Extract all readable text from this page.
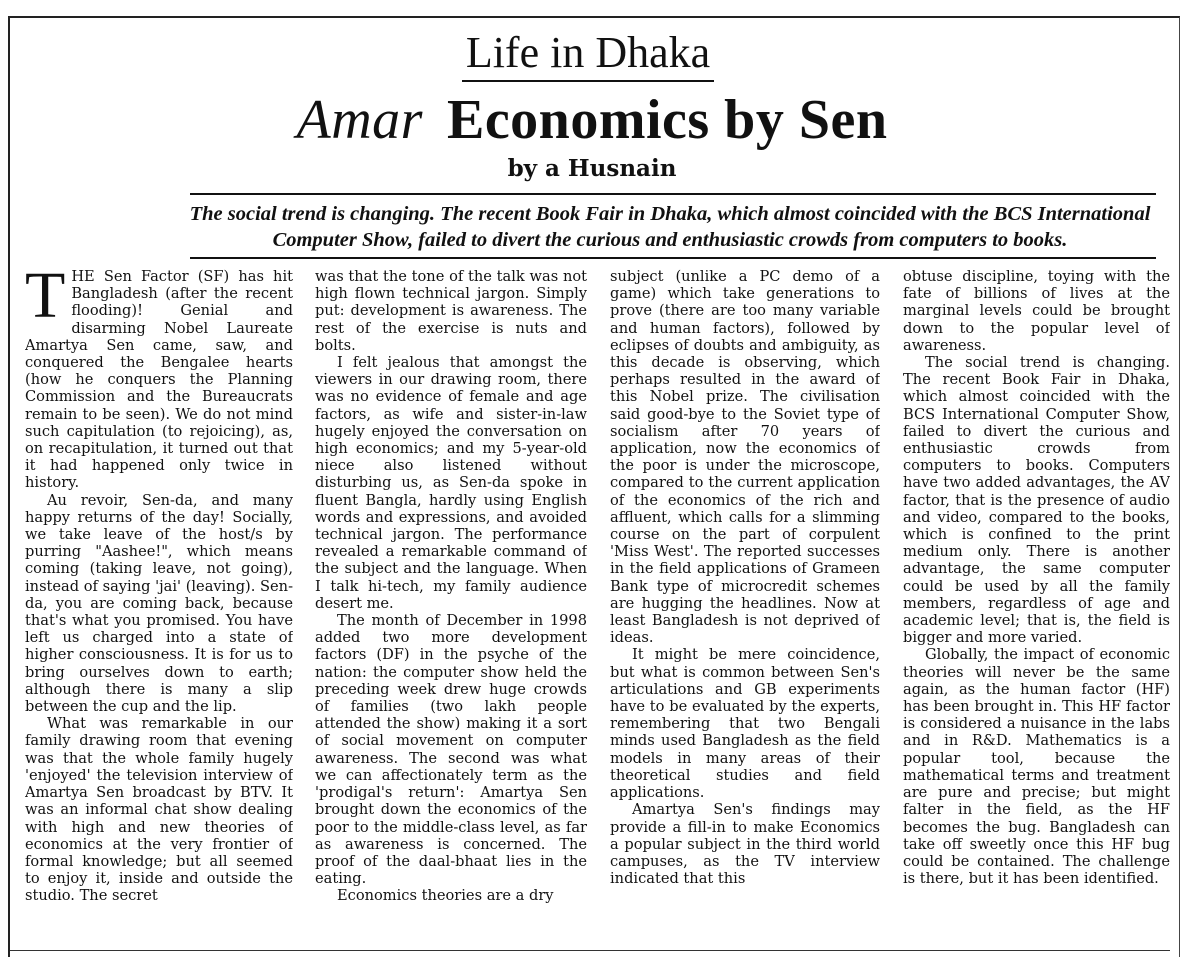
Life in Dhaka
Amar Economics by Sen
by a Husnain
The social trend is changing. The recent Book Fair in Dhaka, which almost coincided with the BCS International Computer Show, failed to divert the curious and enthusiastic crowds from computers to books.

THE Sen Factor (SF) has hit Bangladesh (after the recent flooding)! Genial and disarming Nobel Laureate Amartya Sen came, saw, and conquered the Bengalee hearts (how he conquers the Planning Commission and the Bureaucrats remain to be seen). We do not mind such capitulation (to rejoicing), as, on recapitulation, it turned out that it had happened only twice in history.

Au revoir, Sen-da, and many happy returns of the day! Socially, we take leave of the host/s by purring "Aashee!", which means coming (taking leave, not going), instead of saying 'jai' (leaving). Sen-da, you are coming back, because that's what you promised. You have left us charged into a state of higher consciousness. It is for us to bring ourselves down to earth; although there is many a slip between the cup and the lip.

What was remarkable in our family drawing room that evening was that the whole family hugely 'enjoyed' the television interview of Amartya Sen broadcast by BTV. It was an informal chat show dealing with high and new theories of economics at the very frontier of formal knowledge; but all seemed to enjoy it, inside and outside the studio. The secret

was that the tone of the talk was not high flown technical jargon. Simply put: development is awareness. The rest of the exercise is nuts and bolts.

I felt jealous that amongst the viewers in our drawing room, there was no evidence of female and age factors, as wife and sister-in-law hugely enjoyed the conversation on high economics; and my 5-year-old niece also listened without disturbing us, as Sen-da spoke in fluent Bangla, hardly using English words and expressions, and avoided technical jargon. The performance revealed a remarkable command of the subject and the language. When I talk hi-tech, my family audience desert me.

The month of December in 1998 added two more development factors (DF) in the psyche of the nation: the computer show held the preceding week drew huge crowds of families (two lakh people attended the show) making it a sort of social movement on computer awareness. The second was what we can affectionately term as the 'prodigal's return': Amartya Sen brought down the economics of the poor to the middle-class level, as far as awareness is concerned. The proof of the daal-bhaat lies in the eating.

Economics theories are a dry

subject (unlike a PC demo of a game) which take generations to prove (there are too many variable and human factors), followed by eclipses of doubts and ambiguity, as this decade is observing, which perhaps resulted in the award of this Nobel prize. The civilisation said good-bye to the Soviet type of socialism after 70 years of application, now the economics of the poor is under the microscope, compared to the current application of the economics of the rich and affluent, which calls for a slimming course on the part of corpulent 'Miss West'. The reported successes in the field applications of Grameen Bank type of microcredit schemes are hugging the headlines. Now at least Bangladesh is not deprived of ideas.

It might be mere coincidence, but what is common between Sen's articulations and GB experiments have to be evaluated by the experts, remembering that two Bengali minds used Bangladesh as the field models in many areas of their theoretical studies and field applications.

Amartya Sen's findings may provide a fill-in to make Economics a popular subject in the third world campuses, as the TV interview indicated that this

obtuse discipline, toying with the fate of billions of lives at the marginal levels could be brought down to the popular level of awareness.

The social trend is changing. The recent Book Fair in Dhaka, which almost coincided with the BCS International Computer Show, failed to divert the curious and enthusiastic crowds from computers to books. Computers have two added advantages, the AV factor, that is the presence of audio and video, compared to the books, which is confined to the print medium only. There is another advantage, the same computer could be used by all the family members, regardless of age and academic level; that is, the field is bigger and more varied.

Globally, the impact of economic theories will never be the same again, as the human factor (HF) has been brought in. This HF factor is considered a nuisance in the labs and in R&D. Mathematics is a popular tool, because the mathematical terms and treatment are pure and precise; but might falter in the field, as the HF becomes the bug. Bangladesh can take off sweetly once this HF bug could be contained. The challenge is there, but it has been identified.
